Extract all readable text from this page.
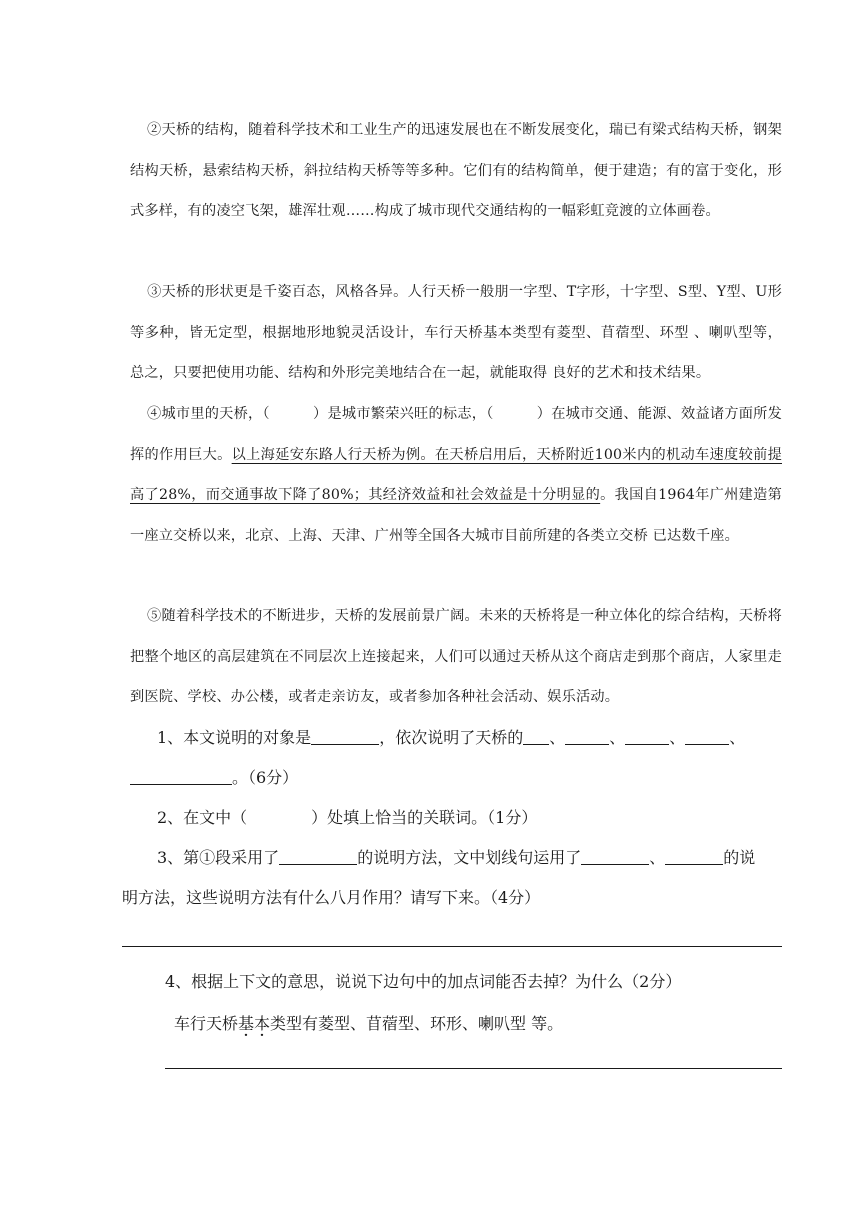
②天桥的结构，随着科学技术和工业生产的迅速发展也在不断发展变化，瑞已有梁式结构天桥，钢架结构天桥，悬索结构天桥，斜拉结构天桥等等多种。它们有的结构简单，便于建造；有的富于变化，形式多样，有的凌空飞架，雄浑壮观……构成了城市现代交通结构的一幅彩虹竞渡的立体画卷。

③天桥的形状更是千姿百态，风格各异。人行天桥一般朋一字型、T字形，十字型、S型、Y型、U形等多种，皆无定型，根据地形地貌灵活设计，车行天桥基本类型有菱型、苜蓿型、环型 、喇叭型等，总之，只要把使用功能、结构和外形完美地结合在一起，就能取得 良好的艺术和技术结果。

④城市里的天桥，（　　　）是城市繁荣兴旺的标志，（　　　）在城市交通、能源、效益诸方面所发挥的作用巨大。以上海延安东路人行天桥为例。在天桥启用后，天桥附近100米内的机动车速度较前提高了28%，而交通事故下降了80%；其经济效益和社会效益是十分明显的。我国自1964年广州建造第一座立交桥以来，北京、上海、天津、广州等全国各大城市目前所建的各类立交桥 已达数千座。

⑤随着科学技术的不断进步，天桥的发展前景广阔。未来的天桥将是一种立体化的综合结构，天桥将把整个地区的高层建筑在不同层次上连接起来，人们可以通过天桥从这个商店走到那个商店，人家里走到医院、学校、办公楼，或者走亲访友，或者参加各种社会活动、娱乐活动。

1、本文说明的对象是	，依次说明了天桥的 、	、	、	、

。（6分）

2、在文中（　　　　）处填上恰当的关联词。（1分）

3、第①段采用了	的说明方法，文中划线句运用了	、	的说

明方法，这些说明方法有什么八月作用？请写下来。（4分）

4、根据上下文的意思，说说下边句中的加点词能否去掉？为什么（2分）

车行天桥基本类型有菱型、苜蓿型、环形、喇叭型 等。
